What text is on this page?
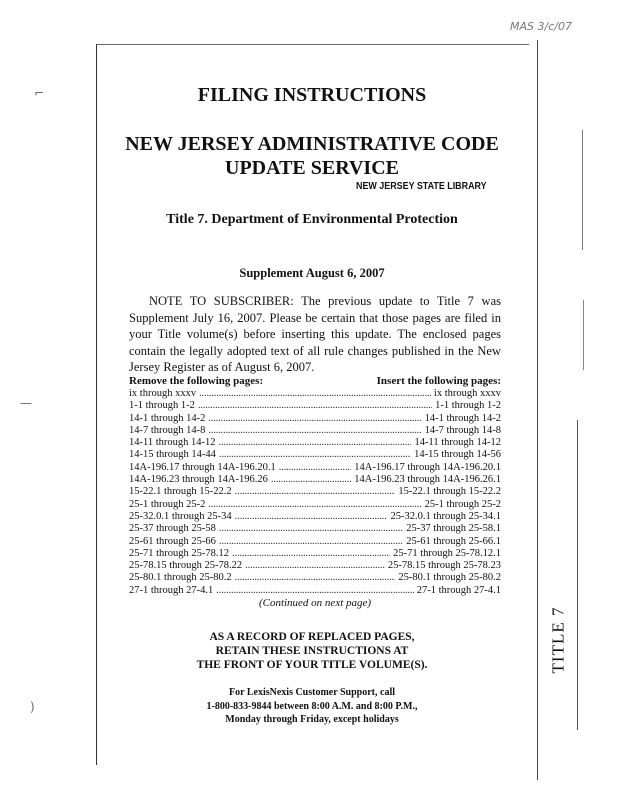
TITLE 7
MAS 3/c/07
⌐
—
)
FILING INSTRUCTIONS
NEW JERSEY ADMINISTRATIVE CODE
UPDATE SERVICE
NEW JERSEY STATE LIBRARY
Title 7. Department of Environmental Protection
Supplement August 6, 2007
NOTE TO SUBSCRIBER: The previous update to Title 7 was Supplement July 16, 2007. Please be certain that those pages are filed in your Title volume(s) before inserting this update. The enclosed pages contain the legally adopted text of all rule changes published in the New Jersey Register as of August 6, 2007.
Remove the following pages:	Insert the following pages:
ix through xxxv . . .	ix through xxxv
1-1 through 1-2 . . .	1-1 through 1-2
14-1 through 14-2 . . .	14-1 through 14-2
14-7 through 14-8 . . .	14-7 through 14-8
14-11 through 14-12 . . .	14-11 through 14-12
14-15 through 14-44 . . .	14-15 through 14-56
14A-196.17 through 14A-196.20.1 . . .	14A-196.17 through 14A-196.20.1
14A-196.23 through 14A-196.26 . . .	14A-196.23 through 14A-196.26.1
15-22.1 through 15-22.2 . . .	15-22.1 through 15-22.2
25-1 through 25-2 . . .	25-1 through 25-2
25-32.0.1 through 25-34 . . .	25-32.0.1 through 25-34.1
25-37 through 25-58 . . .	25-37 through 25-58.1
25-61 through 25-66 . . .	25-61 through 25-66.1
25-71 through 25-78.12 . . .	25-71 through 25-78.12.1
25-78.15 through 25-78.22 . . .	25-78.15 through 25-78.23
25-80.1 through 25-80.2 . . .	25-80.1 through 25-80.2
27-1 through 27-4.1 . . .	27-1 through 27-4.1
(Continued on next page)
AS A RECORD OF REPLACED PAGES,
RETAIN THESE INSTRUCTIONS AT
THE FRONT OF YOUR TITLE VOLUME(S).
For LexisNexis Customer Support, call
1-800-833-9844 between 8:00 A.M. and 8:00 P.M.,
Monday through Friday, except holidays
